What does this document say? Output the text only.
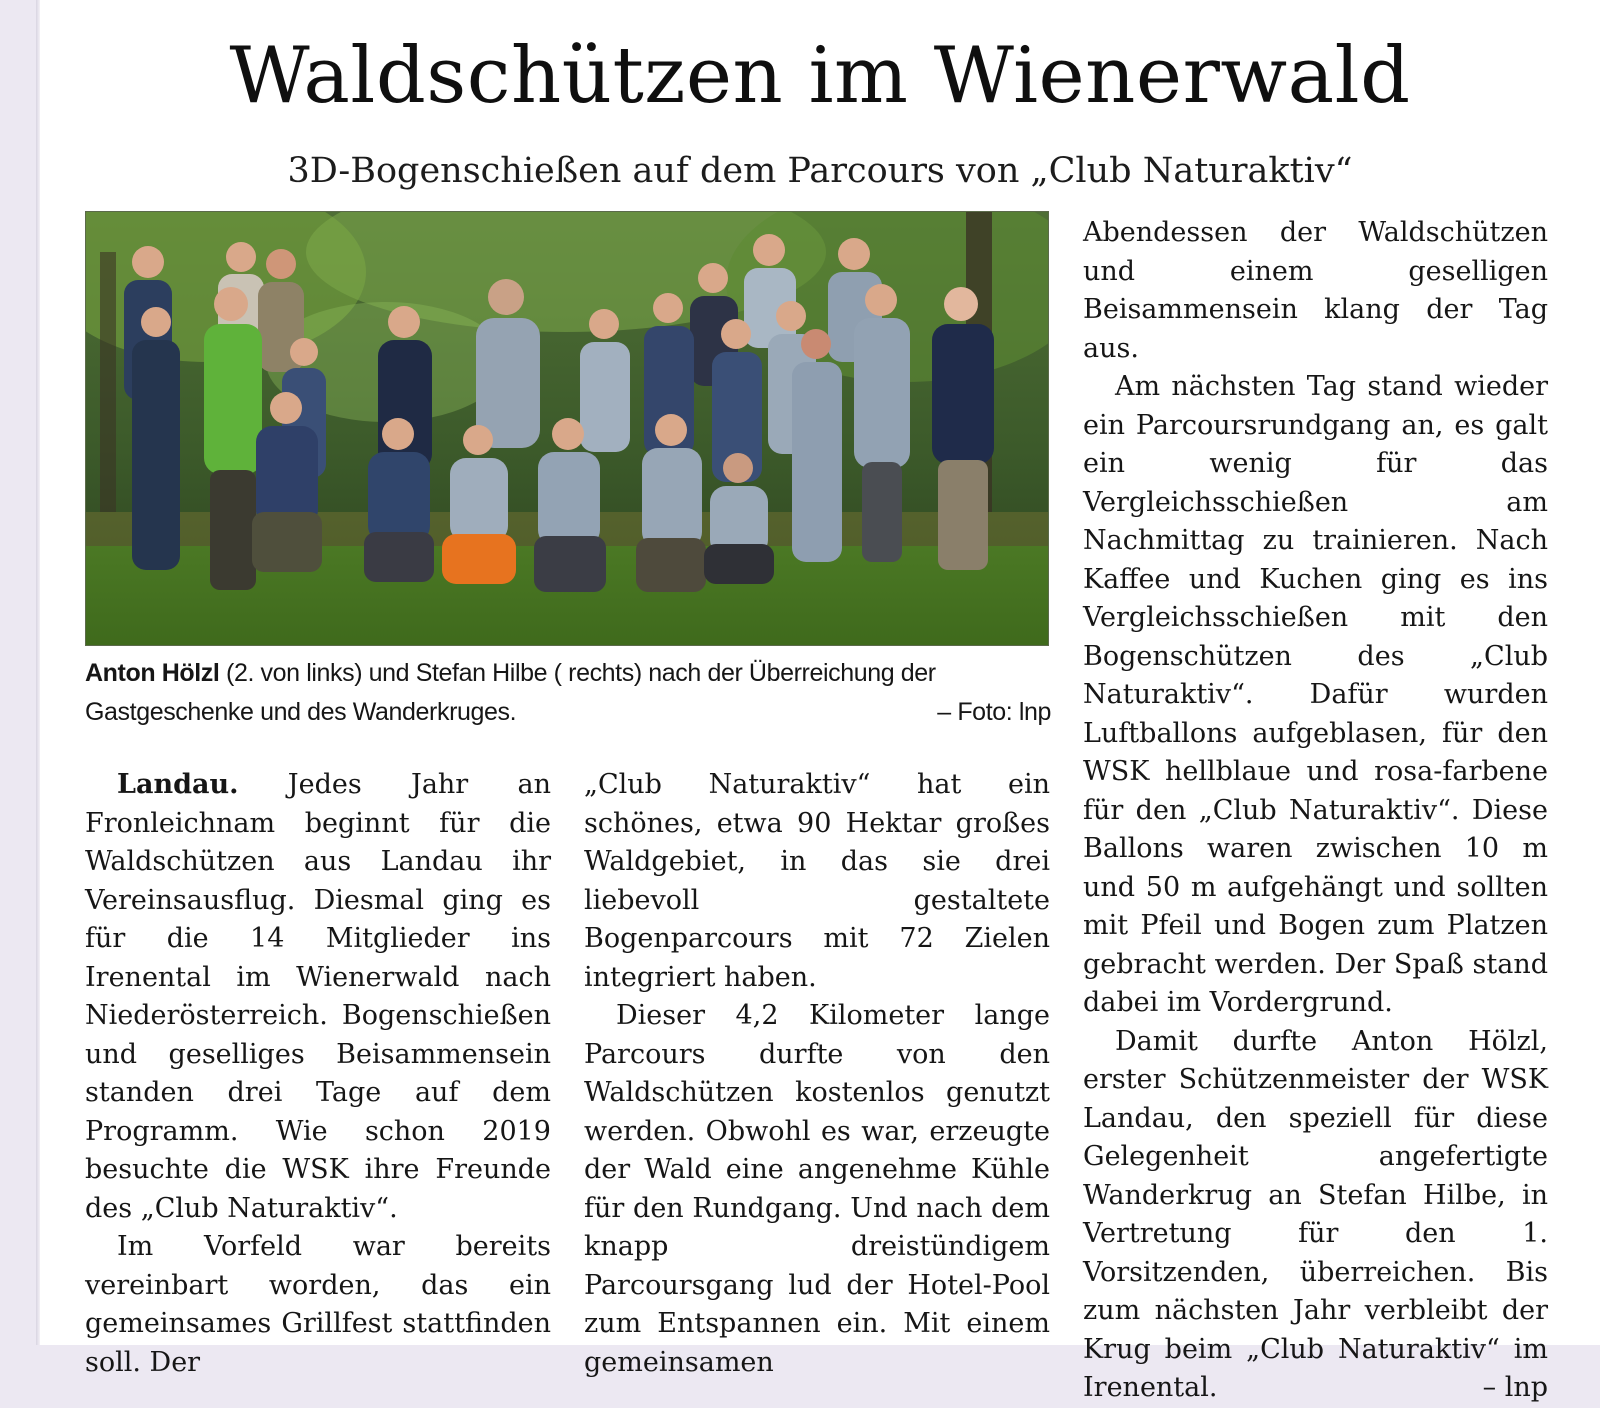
Waldschützen im Wienerwald
3D-Bogenschießen auf dem Parcours von „Club Naturaktiv“
Anton Hölzl (2. von links) und Stefan Hilbe ( rechts) nach der Überreichung der Gastgeschenke und des Wanderkruges.	– Foto: lnp

Landau. Jedes Jahr an Fronleichnam beginnt für die Waldschützen aus Landau ihr Vereinsausflug. Diesmal ging es für die 14 Mitglieder ins Irenental im Wienerwald nach Niederösterreich. Bogenschießen und geselliges Beisammensein standen drei Tage auf dem Programm. Wie schon 2019 besuchte die WSK ihre Freunde des „Club Naturaktiv“.

Im Vorfeld war bereits vereinbart worden, das ein gemeinsames Grillfest stattfinden soll. Der

„Club Naturaktiv“ hat ein schönes, etwa 90 Hektar großes Waldgebiet, in das sie drei liebevoll gestaltete Bogenparcours mit 72 Zielen integriert haben.

Dieser 4,2 Kilometer lange Parcours durfte von den Waldschützen kostenlos genutzt werden. Obwohl es war, erzeugte der Wald eine angenehme Kühle für den Rundgang. Und nach dem knapp dreistündigem Parcoursgang lud der Hotel-Pool zum Entspannen ein. Mit einem gemeinsamen

Abendessen der Waldschützen und einem geselligen Beisammensein klang der Tag aus.

Am nächsten Tag stand wieder ein Parcoursrundgang an, es galt ein wenig für das Vergleichsschießen am Nachmittag zu trainieren. Nach Kaffee und Kuchen ging es ins Vergleichsschießen mit den Bogenschützen des „Club Naturaktiv“. Dafür wurden Luftballons aufgeblasen, für den WSK hellblaue und rosa-farbene für den „Club Naturaktiv“. Diese Ballons waren zwischen 10 m und 50 m aufgehängt und sollten mit Pfeil und Bogen zum Platzen gebracht werden. Der Spaß stand dabei im Vordergrund.

Damit durfte Anton Hölzl, erster Schützenmeister der WSK Landau, den speziell für diese Gelegenheit angefertigte Wanderkrug an Stefan Hilbe, in Vertretung für den 1. Vorsitzenden, überreichen. Bis zum nächsten Jahr verbleibt der Krug beim „Club Naturaktiv“ im Irenental.	– lnp
